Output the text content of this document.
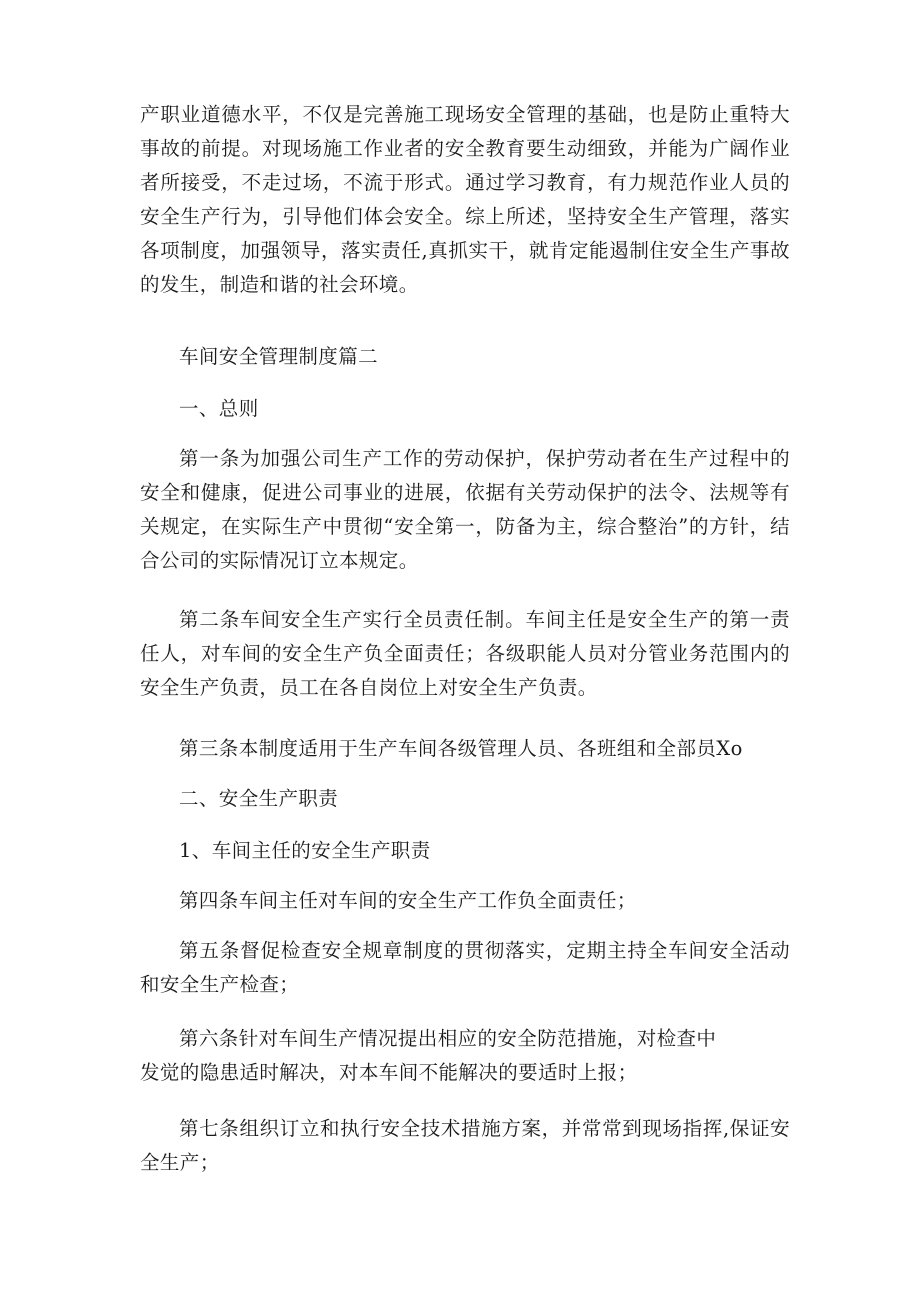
产职业道德水平，不仅是完善施工现场安全管理的基础，也是防止重特大事故的前提。对现场施工作业者的安全教育要生动细致，并能为广阔作业者所接受，不走过场，不流于形式。通过学习教育，有力规范作业人员的安全生产行为，引导他们体会安全。综上所述，坚持安全生产管理，落实各项制度，加强领导，落实责任,真抓实干，就肯定能遏制住安全生产事故的发生，制造和谐的社会环境。

车间安全管理制度篇二

一、总则

第一条为加强公司生产工作的劳动保护，保护劳动者在生产过程中的安全和健康，促进公司事业的进展，依据有关劳动保护的法令、法规等有关规定，在实际生产中贯彻“安全第一，防备为主，综合整治”的方针，结合公司的实际情况订立本规定。

第二条车间安全生产实行全员责任制。车间主任是安全生产的第一责任人，对车间的安全生产负全面责任；各级职能人员对分管业务范围内的安全生产负责，员工在各自岗位上对安全生产负责。

第三条本制度适用于生产车间各级管理人员、各班组和全部员Xo

二、安全生产职责

1、车间主任的安全生产职责

第四条车间主任对车间的安全生产工作负全面责任；

第五条督促检查安全规章制度的贯彻落实，定期主持全车间安全活动和安全生产检查；

第六条针对车间生产情况提出相应的安全防范措施，对检查中

发觉的隐患适时解决，对本车间不能解决的要适时上报；

第七条组织订立和执行安全技术措施方案，并常常到现场指挥,保证安全生产；
